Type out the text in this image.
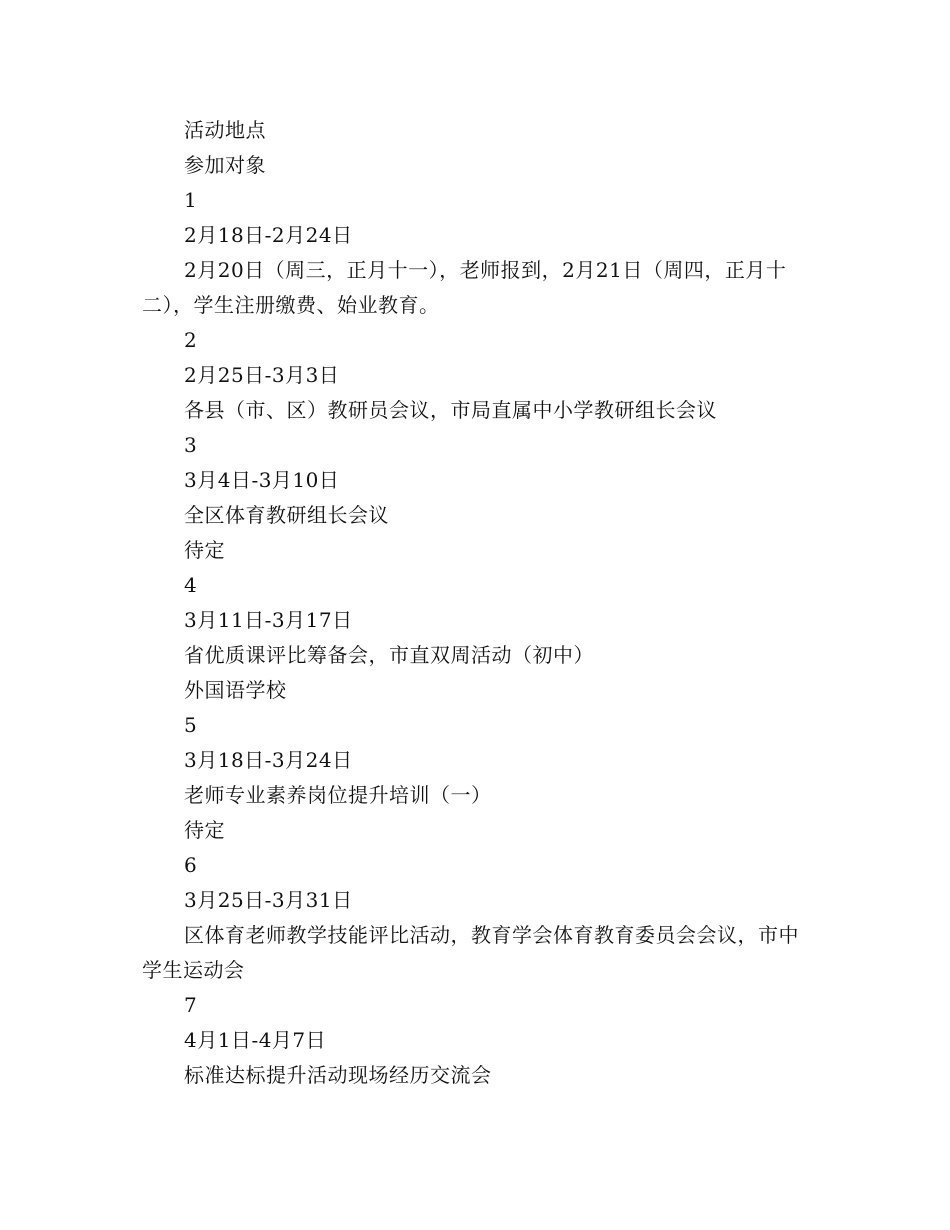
活动地点

参加对象

1

2月18日-2月24日

2月20日（周三，正月十一），老师报到，2月21日（周四，正月十二），学生注册缴费、始业教育。

2

2月25日-3月3日

各县（市、区）教研员会议，市局直属中小学教研组长会议

3

3月4日-3月10日

全区体育教研组长会议

待定

4

3月11日-3月17日

省优质课评比筹备会，市直双周活动（初中）

外国语学校

5

3月18日-3月24日

老师专业素养岗位提升培训（一）

待定

6

3月25日-3月31日

区体育老师教学技能评比活动，教育学会体育教育委员会会议，市中学生运动会

7

4月1日-4月7日

标准达标提升活动现场经历交流会
